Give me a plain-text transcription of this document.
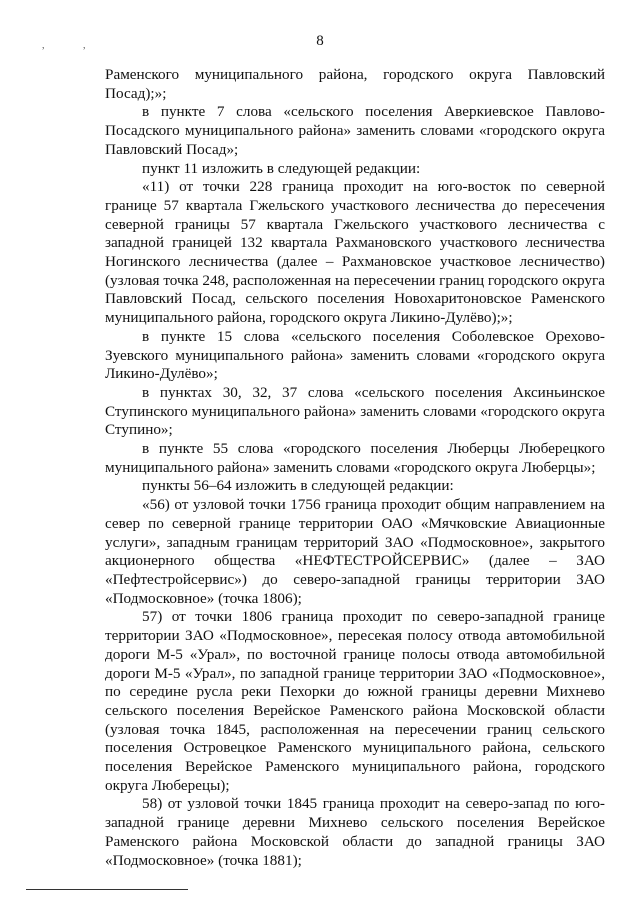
8
,	,

Раменского муниципального района, городского округа Павловский Посад);»;

в пункте 7 слова «сельского поселения Аверкиевское Павлово-Посадского муниципального района» заменить словами «городского округа Павловский Посад»;

пункт 11 изложить в следующей редакции:

«11) от точки 228 граница проходит на юго-восток по северной границе 57 квартала Гжельского участкового лесничества до пересечения северной границы 57 квартала Гжельского участкового лесничества с западной границей 132 квартала Рахмановского участкового лесничества Ногинского лесничества (далее – Рахмановское участковое лесничество) (узловая точка 248, расположенная на пересечении границ городского округа Павловский Посад, сельского поселения Новохаритоновское Раменского муниципального района, городского округа Ликино-Дулёво);»;

в пункте 15 слова «сельского поселения Соболевское Орехово-Зуевского муниципального района» заменить словами «городского округа Ликино-Дулёво»;

в пунктах 30, 32, 37 слова «сельского поселения Аксиньинское Ступинского муниципального района» заменить словами «городского округа Ступино»;

в пункте 55 слова «городского поселения Люберцы Люберецкого муниципального района» заменить словами «городского округа Люберцы»;

пункты 56–64 изложить в следующей редакции:

«56) от узловой точки 1756 граница проходит общим направлением на север по северной границе территории ОАО «Мячковские Авиационные услуги», западным границам территорий ЗАО «Подмосковное», закрытого акционерного общества «НЕФТЕСТРОЙСЕРВИС» (далее – ЗАО «Пефтестройсервис») до северо-западной границы территории ЗАО «Подмосковное» (точка 1806);

57) от точки 1806 граница проходит по северо-западной границе территории ЗАО «Подмосковное», пересекая полосу отвода автомобильной дороги М-5 «Урал», по восточной границе полосы отвода автомобильной дороги М-5 «Урал», по западной границе территории ЗАО «Подмосковное», по середине русла реки Пехорки до южной границы деревни Михнево сельского поселения Верейское Раменского района Московской области (узловая точка 1845, расположенная на пересечении границ сельского поселения Островецкое Раменского муниципального района, сельского поселения Верейское Раменского муниципального района, городского округа Люберецы);

58) от узловой точки 1845 граница проходит на северо-запад по юго-западной границе деревни Михнево сельского поселения Верейское Раменского района Московской области до западной границы ЗАО «Подмосковное» (точка 1881);
